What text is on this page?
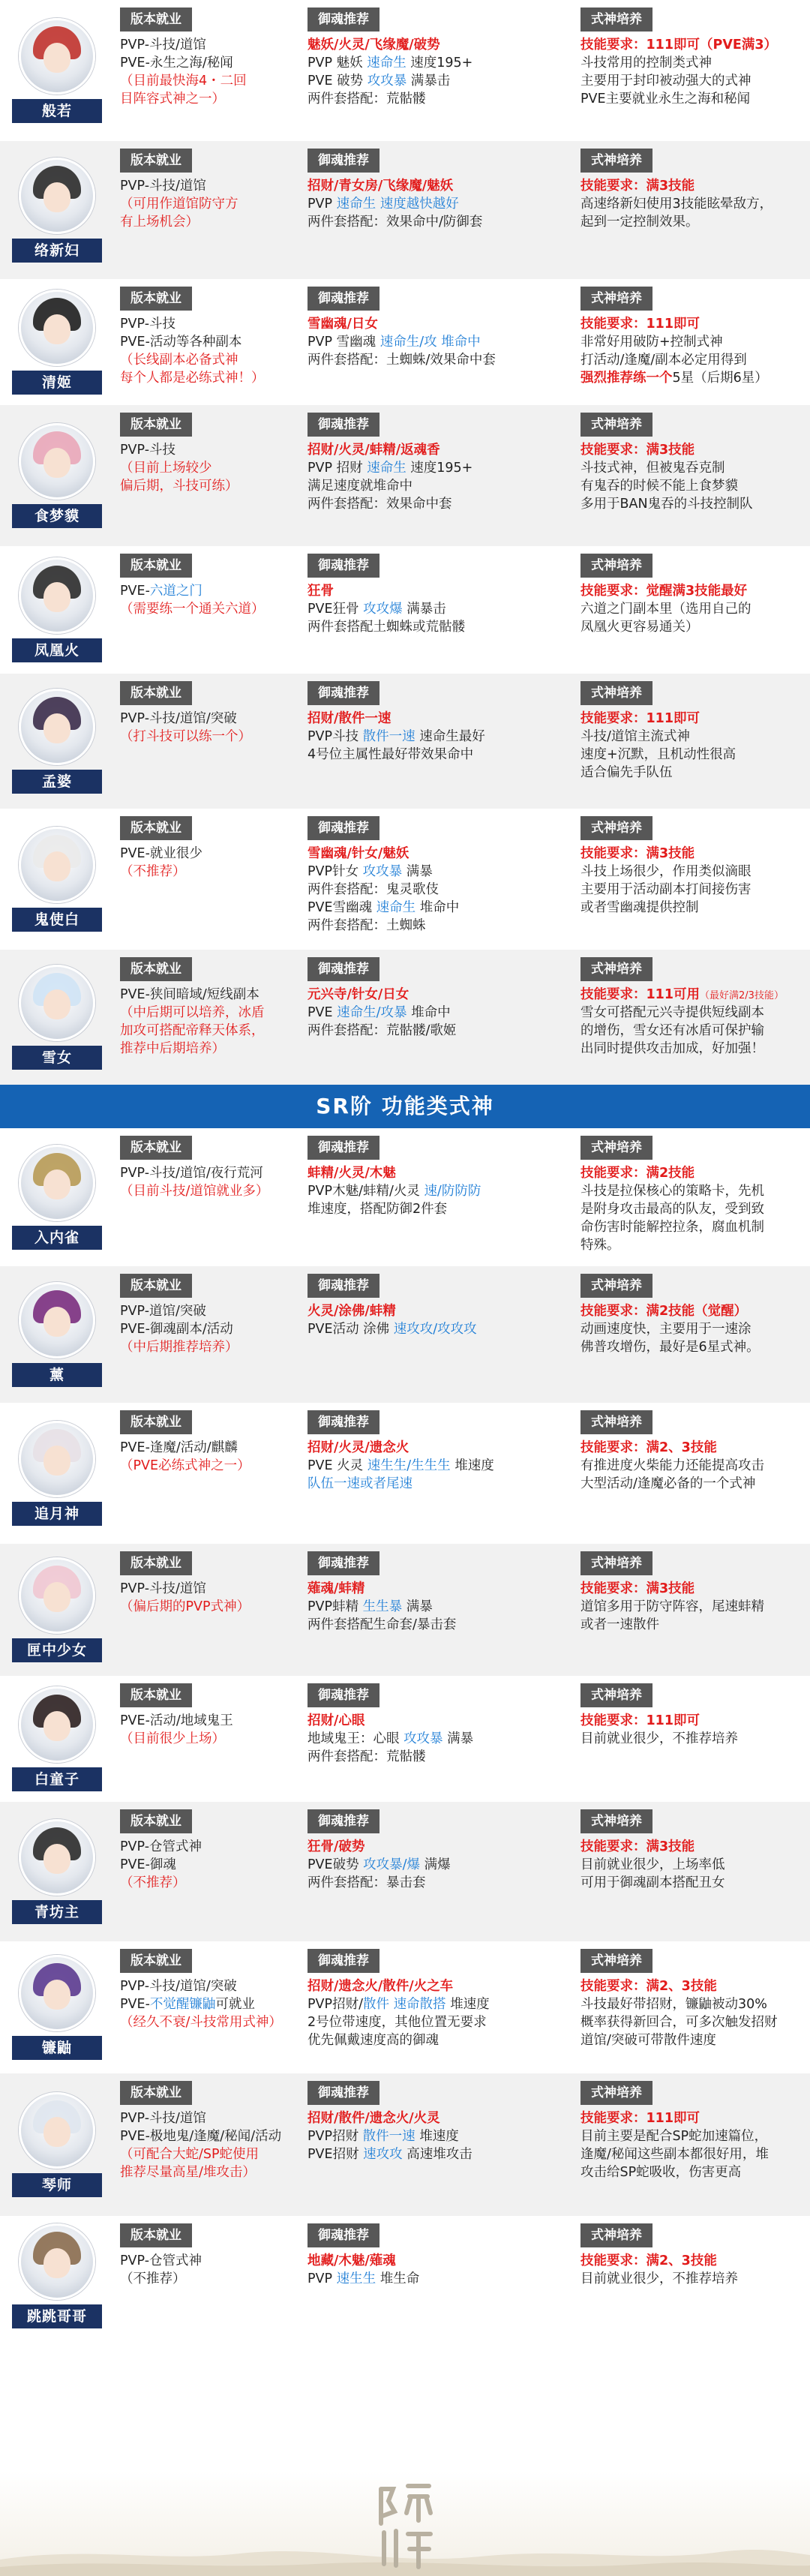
般若
版本就业
PVP-斗技/道馆
PVE-永生之海/秘闻
（目前最快海4・二回
目阵容式神之一）
御魂推荐
魅妖/火灵/飞缘魔/破势
PVP 魅妖 速命生 速度195+
PVE 破势 攻攻暴 满暴击
两件套搭配：荒骷髅
式神培养
技能要求：111即可（PVE满3）
斗技常用的控制类式神
主要用于封印被动强大的式神
PVE主要就业永生之海和秘闻
络新妇
版本就业
PVP-斗技/道馆
（可用作道馆防守方
有上场机会）
御魂推荐
招财/青女房/飞缘魔/魅妖
PVP 速命生 速度越快越好
两件套搭配：效果命中/防御套
式神培养
技能要求：满3技能
高速络新妇使用3技能眩晕敌方，
起到一定控制效果。
清姬
版本就业
PVP-斗技
PVE-活动等各种副本
（长线副本必备式神
每个人都是必练式神！）
御魂推荐
雪幽魂/日女
PVP 雪幽魂 速命生/攻 堆命中
两件套搭配：土蜘蛛/效果命中套
式神培养
技能要求：111即可
非常好用破防+控制式神
打活动/逢魔/副本必定用得到
强烈推荐练一个5星（后期6星）
食梦貘
版本就业
PVP-斗技
（目前上场较少
偏后期，斗技可练）
御魂推荐
招财/火灵/蚌精/返魂香
PVP 招财 速命生 速度195+
满足速度就堆命中
两件套搭配：效果命中套
式神培养
技能要求：满3技能
斗技式神，但被鬼吞克制
有鬼吞的时候不能上食梦貘
多用于BAN鬼吞的斗技控制队
凤凰火
版本就业
PVE-六道之门
（需要练一个通关六道）
御魂推荐
狂骨
PVE狂骨 攻攻爆 满暴击
两件套搭配土蜘蛛或荒骷髅
式神培养
技能要求：觉醒满3技能最好
六道之门副本里（选用自己的
凤凰火更容易通关）
孟婆
版本就业
PVP-斗技/道馆/突破
（打斗技可以练一个）
御魂推荐
招财/散件一速
PVP斗技 散件一速 速命生最好
4号位主属性最好带效果命中
式神培养
技能要求：111即可
斗技/道馆主流式神
速度+沉默，且机动性很高
适合偏先手队伍
鬼使白
版本就业
PVE-就业很少
（不推荐）
御魂推荐
雪幽魂/针女/魅妖
PVP针女 攻攻暴 满暴
两件套搭配：鬼灵歌伎
PVE雪幽魂 速命生 堆命中
两件套搭配：土蜘蛛
式神培养
技能要求：满3技能
斗技上场很少，作用类似滴眼
主要用于活动副本打间接伤害
或者雪幽魂提供控制
雪女
版本就业
PVE-狭间暗域/短线副本
（中后期可以培养，冰盾
加攻可搭配帝释天体系，
推荐中后期培养）
御魂推荐
元兴寺/针女/日女
PVE 速命生/攻暴 堆命中
两件套搭配：荒骷髅/歌姬
式神培养
技能要求：111可用（最好满2/3技能）
雪女可搭配元兴寺提供短线副本
的增伤，雪女还有冰盾可保护输
出同时提供攻击加成，好加强！
SR阶 功能类式神
入内雀
版本就业
PVP-斗技/道馆/夜行荒河
（目前斗技/道馆就业多）
御魂推荐
蚌精/火灵/木魅
PVP木魅/蚌精/火灵 速/防防防
堆速度，搭配防御2件套
式神培养
技能要求：满2技能
斗技是拉保核心的策略卡，先机
是附身攻击最高的队友，受到致
命伤害时能解控拉条，腐血机制
特殊。
薰
版本就业
PVP-道馆/突破
PVE-御魂副本/活动
（中后期推荐培养）
御魂推荐
火灵/涂佛/蚌精
PVE活动 涂佛 速攻攻/攻攻攻
式神培养
技能要求：满2技能（觉醒）
动画速度快，主要用于一速涂
佛普攻增伤，最好是6星式神。
追月神
版本就业
PVE-逢魔/活动/麒麟
（PVE必练式神之一）
御魂推荐
招财/火灵/遗念火
PVE 火灵 速生生/生生生 堆速度
队伍一速或者尾速
式神培养
技能要求：满2、3技能
有推进度火柴能力还能提高攻击
大型活动/逢魔必备的一个式神
匣中少女
版本就业
PVP-斗技/道馆
（偏后期的PVP式神）
御魂推荐
薙魂/蚌精
PVP蚌精 生生暴 满暴
两件套搭配生命套/暴击套
式神培养
技能要求：满3技能
道馆多用于防守阵容，尾速蚌精
或者一速散件
白童子
版本就业
PVE-活动/地域鬼王
（目前很少上场）
御魂推荐
招财/心眼
地域鬼王：心眼 攻攻暴 满暴
两件套搭配：荒骷髅
式神培养
技能要求：111即可
目前就业很少，不推荐培养
青坊主
版本就业
PVP-仓管式神
PVE-御魂
（不推荐）
御魂推荐
狂骨/破势
PVE破势 攻攻暴/爆 满爆
两件套搭配：暴击套
式神培养
技能要求：满3技能
目前就业很少，上场率低
可用于御魂副本搭配丑女
镰鼬
版本就业
PVP-斗技/道馆/突破
PVE-不觉醒镰鼬可就业
（经久不衰/斗技常用式神）
御魂推荐
招财/遗念火/散件/火之车
PVP招财/散件 速命散搭 堆速度
2号位带速度，其他位置无要求
优先佩戴速度高的御魂
式神培养
技能要求：满2、3技能
斗技最好带招财，镰鼬被动30%
概率获得新回合，可多次触发招财
道馆/突破可带散件速度
琴师
版本就业
PVP-斗技/道馆
PVE-极地鬼/逢魔/秘闻/活动
（可配合大蛇/SP蛇使用
推荐尽量高星/堆攻击）
御魂推荐
招财/散件/遗念火/火灵
PVP招财 散件一速 堆速度
PVE招财 速攻攻 高速堆攻击
式神培养
技能要求：111即可
目前主要是配合SP蛇加速篇位，
逢魔/秘闻这些副本都很好用，堆
攻击给SP蛇吸收，伤害更高
跳跳哥哥
版本就业
PVP-仓管式神
（不推荐）
御魂推荐
地藏/木魅/薙魂
PVP 速生生 堆生命
式神培养
技能要求：满2、3技能
目前就业很少，不推荐培养
